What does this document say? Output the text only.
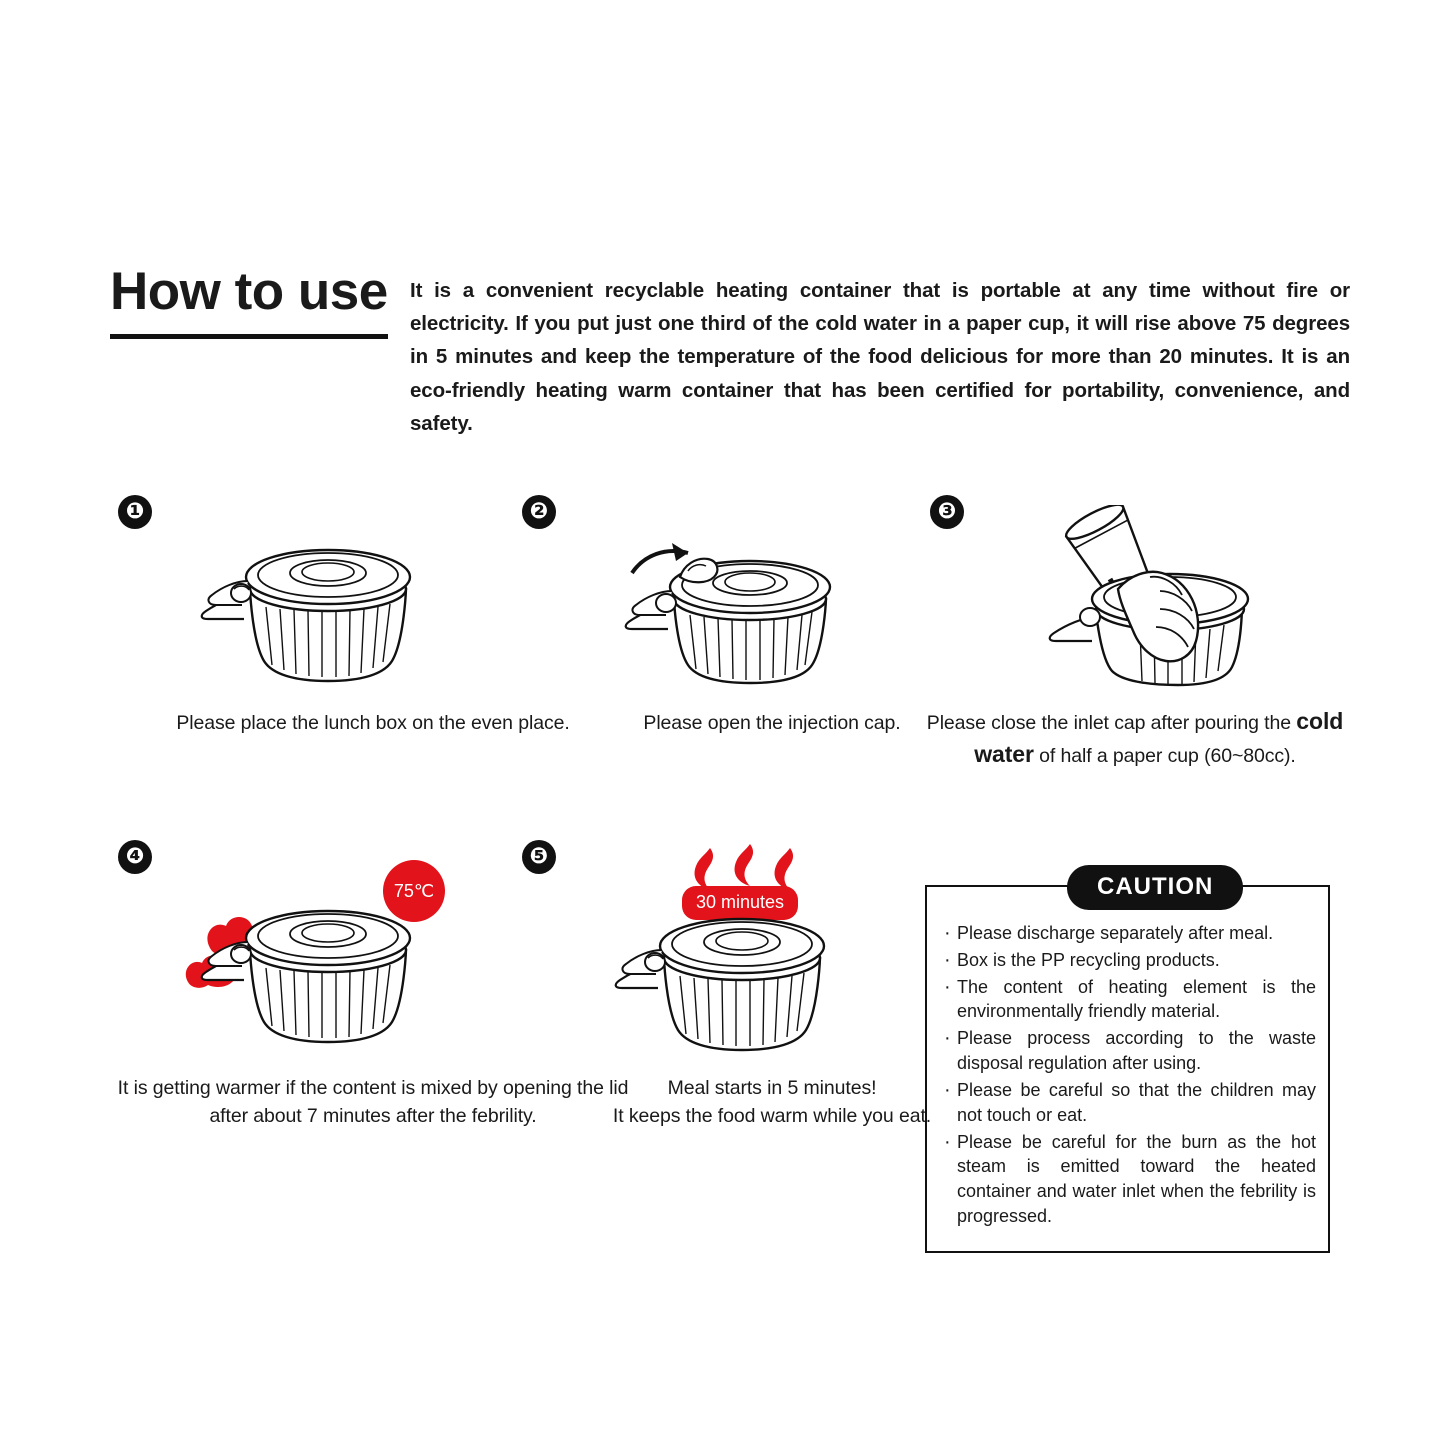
How to use	It is a convenient recyclable heating container that is portable at any time without fire or electricity. If you put just one third of the cold water in a paper cup, it will rise above 75 degrees in 5 minutes and keep the temperature of the food delicious for more than 20 minutes. It is an eco-friendly heating warm container that has been certified for portability, convenience, and safety.
❶
Please place the lunch box on the even place.
❷
Please open the injection cap.
❸
Please close the inlet cap after pouring the cold water of half a paper cup (60~80cc).
❹
75℃
It is getting warmer if the content is mixed by opening the lid after about 7 minutes after the febrility.
❺
30 minutes
Meal starts in 5 minutes!
It keeps the food warm while you eat.
CAUTION
· Please discharge separately after meal.
· Box is the PP recycling products.
· The content of heating element is the environmentally friendly material.
· Please process according to the waste disposal regulation after using.
· Please be careful so that the children may not touch or eat.
· Please be careful for the burn as the hot steam is emitted toward the heated container and water inlet when the febrility is progressed.
